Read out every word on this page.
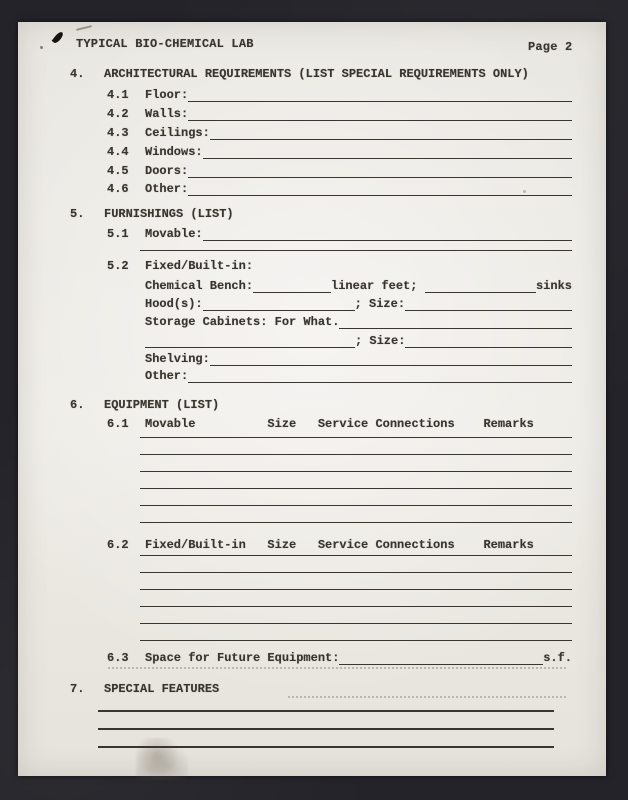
TYPICAL BIO-CHEMICAL LAB	Page 2
4.	ARCHITECTURAL REQUIREMENTS (LIST SPECIAL REQUIREMENTS ONLY)
4.1	Floor:
4.2	Walls:
4.3	Ceilings:
4.4	Windows:
4.5	Doors:
4.6	Other:
5.	FURNISHINGS (LIST)
5.1	Movable:
5.2	Fixed/Built-in:
Chemical Bench:	linear feet;	sinks
Hood(s):	; Size:
Storage Cabinets: For What.
; Size:
Shelving:
Other:
6.	EQUIPMENT (LIST)
6.1	Movable          Size   Service Connections    Remarks
6.2	Fixed/Built-in   Size   Service Connections    Remarks
6.3	Space for Future Equipment:	s.f.
7.	SPECIAL FEATURES
